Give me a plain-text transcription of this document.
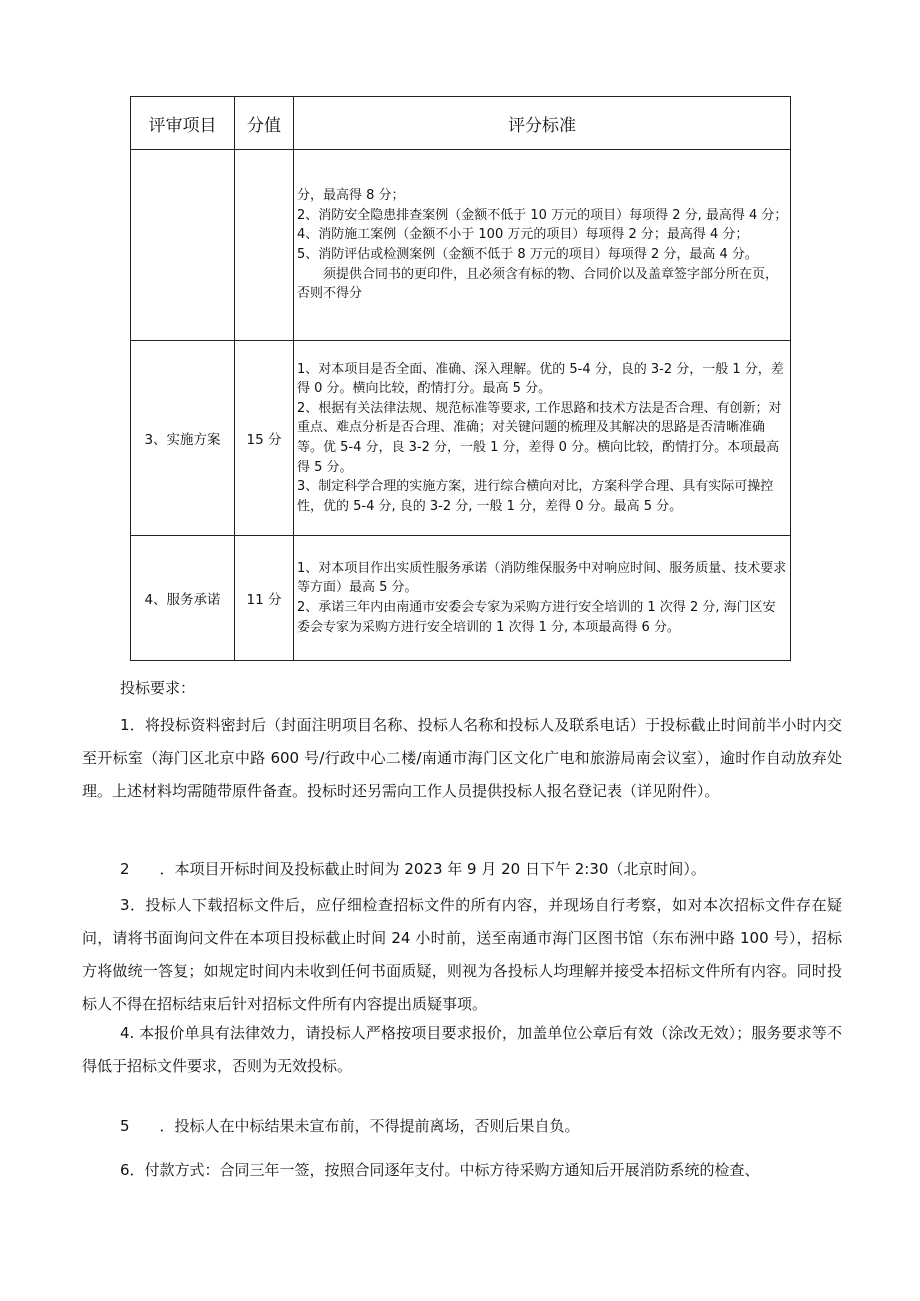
评审项目	分值	评分标准

		分，最高得 8 分；

2、消防安全隐患排查案例（金额不低于 10 万元的项目）每项得 2 分, 最高得 4 分；

4、消防施工案例（金额不小于 100 万元的项目）每项得 2 分；最高得 4 分；

5、消防评估或检测案例（金额不低于 8 万元的项目）每项得 2 分，最高 4 分。

须提供合同书的更印件，且必须含有标的物、合同价以及盖章签字部分所在页，否则不得分

3、实施方案	15 分	1、对本项目是否全面、准确、深入理解。优的 5-4 分，良的 3-2 分，一般 1 分，差得 0 分。横向比较，酌情打分。最高 5 分。

2、根据有关法律法规、规范标准等要求, 工作思路和技术方法是否合理、有创新；对重点、难点分析是否合理、准确；对关键问题的梳理及其解决的思路是否清晰准确等。优 5-4 分，良 3-2 分，一般 1 分，差得 0 分。横向比较，酌情打分。本项最高得 5 分。

3、制定科学合理的实施方案，进行综合横向对比，方案科学合理、具有实际可操控性，优的 5-4 分, 良的 3-2 分, 一般 1 分，差得 0 分。最高 5 分。

4、服务承诺	11 分	1、对本项目作出实质性服务承诺（消防维保服务中对响应时间、服务质量、技术要求等方面）最高 5 分。

2、承诺三年内由南通市安委会专家为采购方进行安全培训的 1 次得 2 分, 海门区安委会专家为采购方进行安全培训的 1 次得 1 分, 本项最高得 6 分。

投标要求：

1．将投标资料密封后（封面注明项目名称、投标人名称和投标人及联系电话）于投标截止时间前半小时内交至开标室（海门区北京中路 600 号/行政中心二楼/南通市海门区文化广电和旅游局南会议室），逾时作自动放弃处理。上述材料均需随带原件备查。投标时还另需向工作人员提供投标人报名登记表（详见附件）。

2　　．本项目开标时间及投标截止时间为 2023 年 9 月 20 日下午 2:30（北京时间）。

3．投标人下载招标文件后，应仔细检查招标文件的所有内容，并现场自行考察，如对本次招标文件存在疑问，请将书面询问文件在本项目投标截止时间 24 小时前，送至南通市海门区图书馆（东布洲中路 100 号），招标方将做统一答复；如规定时间内未收到任何书面质疑，则视为各投标人均理解并接受本招标文件所有内容。同时投标人不得在招标结束后针对招标文件所有内容提出质疑事项。

4. 本报价单具有法律效力，请投标人严格按项目要求报价，加盖单位公章后有效（涂改无效）；服务要求等不得低于招标文件要求，否则为无效投标。

5　　．投标人在中标结果未宣布前，不得提前离场，否则后果自负。

6．付款方式：合同三年一签，按照合同逐年支付。中标方待采购方通知后开展消防系统的检查、
